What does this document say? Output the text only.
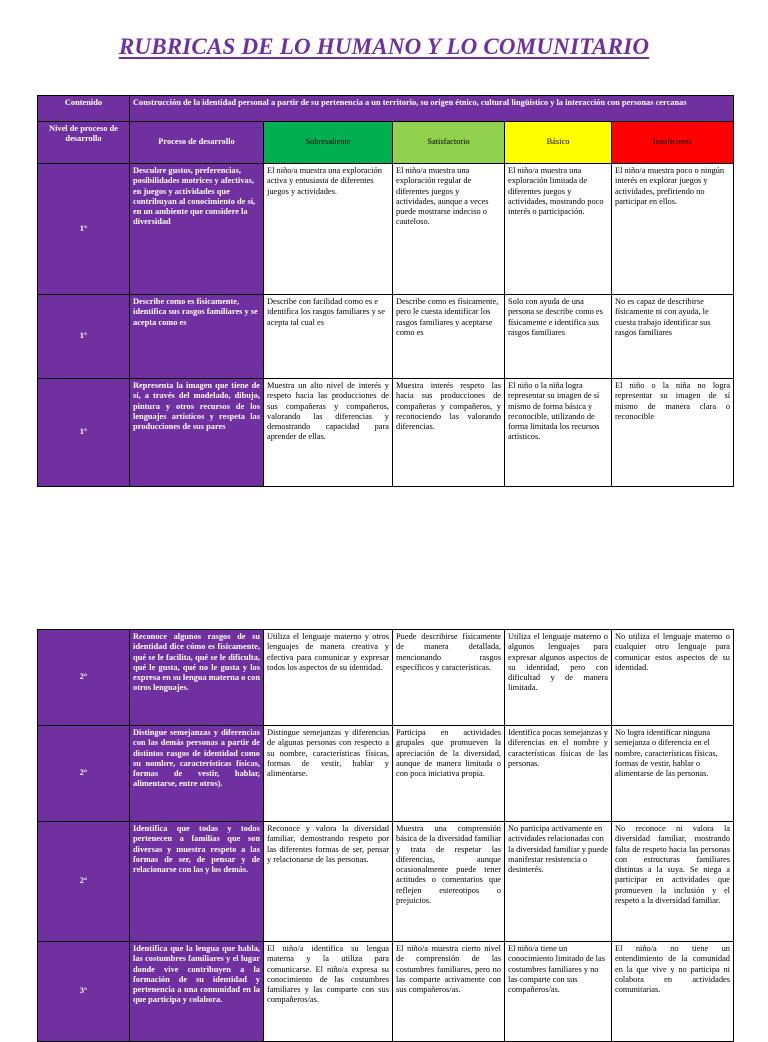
RUBRICAS DE LO HUMANO Y LO COMUNITARIO
Contenido	Construcción de la identidad personal a partir de su pertenencia a un territorio, su origen étnico, cultural lingüístico y la interacción con personas cercanas				
Nivel de proceso de desarrollo	Proceso de desarrollo	Sobresaliente	Satisfactorio	Básico	Insuficiente
1°	Descubre gustos, preferencias, posibilidades motrices y afectivas, en juegos y actividades que contribuyan al conocimiento de sí, en un ambiente que considere la diversidad	El niño/a muestra una exploración activa y entusiasta de diferentes juegos y actividades.	El niño/a muestra una exploración regular de diferentes juegos y actividades, aunque a veces puede mostrarse indeciso o cauteloso.	El niño/a muestra una exploración limitada de diferentes juegos y actividades, mostrando poco interés o participación.	El niño/a muestra poco o ningún interés en explorar juegos y actividades, prefiriendo no participar en ellos.
1°	Describe como es físicamente, identifica sus rasgos familiares y se acepta como es	Describe con facilidad como es e identifica los rasgos familiares y se acepta tal cual es	Describe como es físicamente, pero le cuesta identificar los rasgos familiares y aceptarse como es	Solo con ayuda de una persona se describe como es físicamente e identifica sus rasgos familiares	No es capaz de describirse físicamente ni con ayuda, le cuesta trabajo identificar sus rasgos familiares
1°	Representa la imagen que tiene de sí, a través del modelado, dibujo, pintura y otros recursos de los lenguajes artísticos y respeta las producciones de sus pares	Muestra un alto nivel de interés y respeto hacia las producciones de sus compañeras y compañeros, valorando las diferencias y demostrando capacidad para aprender de ellas.	Muestra interés respeto las hacia sus producciones de compañeras y compañeros, y reconociendo las valorando diferencias.	El niño o la niña logra representar su imagen de sí mismo de forma básica y reconocible, utilizando de forma limitada los recursos artísticos.	El niño o la niña no logra representar su imagen de sí mismo de manera clara o reconocible
2°	Reconoce algunos rasgos de su identidad dice cómo es físicamente, qué se le facilita, qué se le dificulta, qué le gusta, qué no le gusta y los expresa en su lengua materna o con otros lenguajes.	Utiliza el lenguaje materno y otros lenguajes de manera creativa y efectiva para comunicar y expresar todos los aspectos de su identidad.	Puede describirse físicamente de manera detallada, mencionando rasgos específicos y características.	Utiliza el lenguaje materno o algunos lenguajes para expresar algunos aspectos de su identidad, pero con dificultad y de manera limitada.	No utiliza el lenguaje materno o cualquier otro lenguaje para comunicar estos aspectos de su identidad.
2°	Distingue semejanzas y diferencias con las demás personas a partir de distintos rasgos de identidad como su nombre, características físicas, formas de vestir, hablar, alimentarse, entre otros).	Distingue semejanzas y diferencias de algunas personas con respecto a su nombre, características físicas, formas de vestir, hablar y alimentarse.	Participa en actividades grupales que promueven la apreciación de la diversidad, aunque de manera limitada o con poca iniciativa propia.	Identifica pocas semejanzas y diferencias en el nombre y características físicas de las personas.	No logra identificar ninguna semejanza o diferencia en el nombre, características físicas, formas de vestir, hablar o alimentarse de las personas.
2°	Identifica que todas y todos pertenecen a familias que son diversas y muestra respeto a las formas de ser, de pensar y de relacionarse con las y los demás.	Reconoce y valora la diversidad familiar, demostrando respeto por las diferentes formas de ser, pensar y relacionarse de las personas.	Muestra una comprensión básica de la diversidad familiar y trata de respetar las diferencias, aunque ocasionalmente puede tener actitudes o comentarios que reflejen estereotipos o prejuicios.	No participa activamente en actividades relacionadas con la diversidad familiar y puede manifestar resistencia o desinterés.	No reconoce ni valora la diversidad familiar, mostrando falta de respeto hacia las personas con estructuras familiares distintas a la suya. Se niega a participar en actividades que promueven la inclusión y el respeto a la diversidad familiar.
3°	Identifica que la lengua que habla, las costumbres familiares y el lugar donde vive contribuyen a la formación de su identidad y pertenencia a una comunidad en la que participa y colabora.	El niño/a identifica su lengua materna y la utiliza para comunicarse. El niño/a expresa su conocimiento de las costumbres familiares y las comparte con sus compañeros/as.	El niño/a muestra cierto nivel de comprensión de las costumbres familiares, pero no las comparte activamente con sus compañeros/as.	El niño/a tiene un conocimiento limitado de las costumbres familiares y no las comparte con sus compañeros/as.	El niño/a no tiene un entendimiento de la comunidad en la que vive y no participa ni colabora en actividades comunitarias.
